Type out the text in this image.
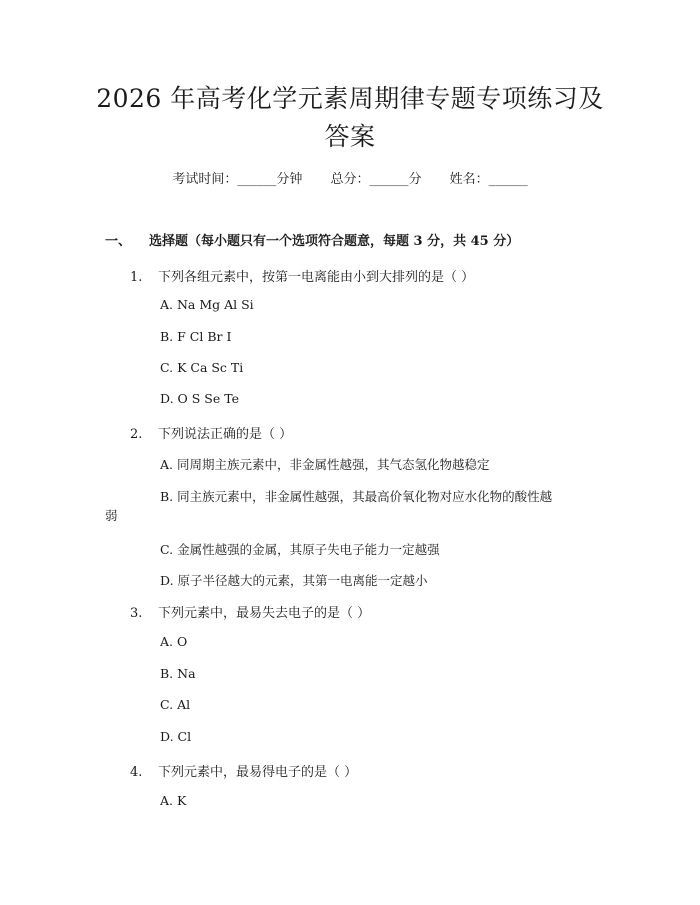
2026 年高考化学元素周期律专题专项练习及
答案
考试时间：______分钟 总分：______分 姓名：______
一、 选择题（每小题只有一个选项符合题意，每题 3 分，共 45 分）
1. 下列各组元素中，按第一电离能由小到大排列的是（ ）
A. Na Mg Al Si
B. F Cl Br I
C. K Ca Sc Ti
D. O S Se Te
2. 下列说法正确的是（ ）
A. 同周期主族元素中，非金属性越强，其气态氢化物越稳定
B. 同主族元素中，非金属性越强，其最高价氧化物对应水化物的酸性越
弱
C. 金属性越强的金属，其原子失电子能力一定越强
D. 原子半径越大的元素，其第一电离能一定越小
3. 下列元素中，最易失去电子的是（ ）
A. O
B. Na
C. Al
D. Cl
4. 下列元素中，最易得电子的是（ ）
A. K
